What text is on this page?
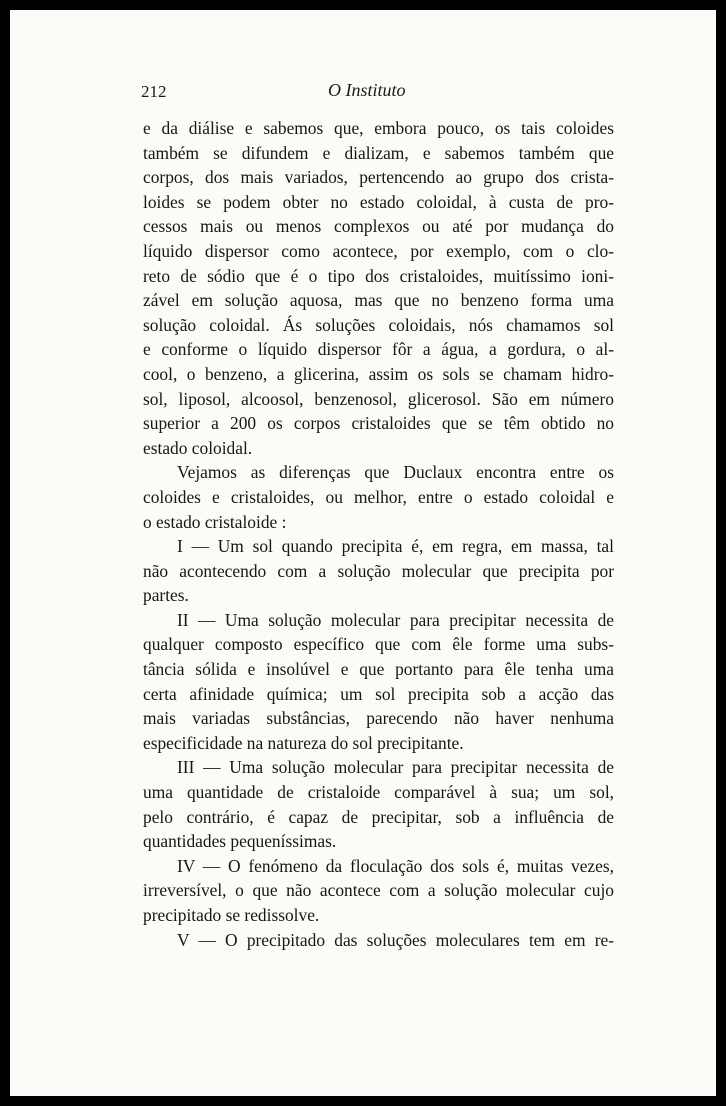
212	O Instituto

e da diálise e sabemos que, embora pouco, os tais coloides
também se difundem e dializam, e sabemos também que
corpos, dos mais variados, pertencendo ao grupo dos crista-
loides se podem obter no estado coloidal, à custa de pro-
cessos mais ou menos complexos ou até por mudança do
líquido dispersor como acontece, por exemplo, com o clo-
reto de sódio que é o tipo dos cristaloides, muitíssimo ioni-
zável em solução aquosa, mas que no benzeno forma uma
solução coloidal. Ás soluções coloidais, nós chamamos sol
e conforme o líquido dispersor fôr a água, a gordura, o al-
cool, o benzeno, a glicerina, assim os sols se chamam hidro-
sol, liposol, alcoosol, benzenosol, glicerosol. São em número
superior a 200 os corpos cristaloides que se têm obtido no
estado coloidal.

Vejamos as diferenças que Duclaux encontra entre os
coloides e cristaloides, ou melhor, entre o estado coloidal e
o estado cristaloide :

I — Um sol quando precipita é, em regra, em massa, tal
não acontecendo com a solução molecular que precipita por
partes.

II — Uma solução molecular para precipitar necessita de
qualquer composto específico que com êle forme uma subs-
tância sólida e insolúvel e que portanto para êle tenha uma
certa afinidade química; um sol precipita sob a acção das
mais variadas substâncias, parecendo não haver nenhuma
especificidade na natureza do sol precipitante.

III — Uma solução molecular para precipitar necessita de
uma quantidade de cristaloide comparável à sua; um sol,
pelo contrário, é capaz de precipitar, sob a influência de
quantidades pequeníssimas.

IV — O fenómeno da floculação dos sols é, muitas vezes,
irreversível, o que não acontece com a solução molecular cujo
precipitado se redissolve.

V — O precipitado das soluções moleculares tem em re-
